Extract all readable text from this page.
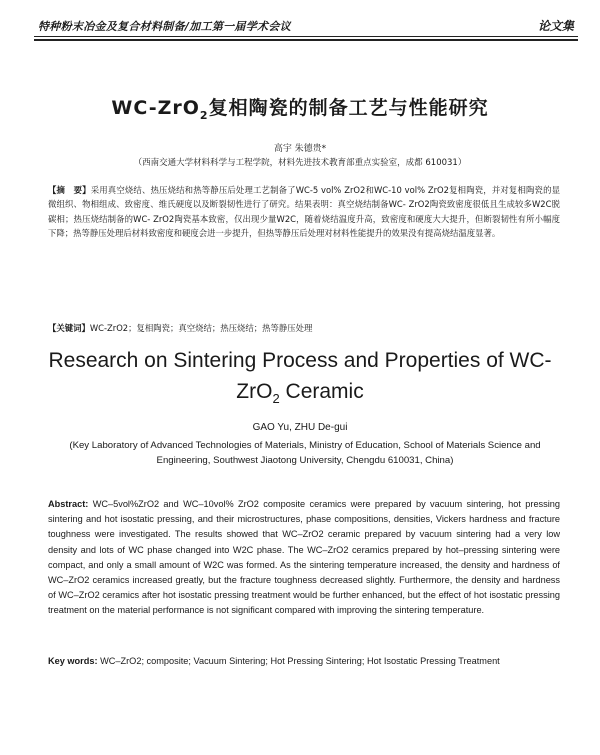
特种粉末冶金及复合材料制备/加工第一届学术会议	论文集
WC-ZrO$_2$复相陶瓷的制备工艺与性能研究
高宇 朱德贵*
（西南交通大学材料科学与工程学院，材料先进技术教育部重点实验室，成都 610031）
【摘　要】采用真空烧结、热压烧结和热等静压后处理工艺制备了WC-5 vol% ZrO2和WC-10 vol% ZrO2复相陶瓷，并对复相陶瓷的显微组织、物相组成、致密度、维氏硬度以及断裂韧性进行了研究。结果表明：真空烧结制备WC- ZrO2陶瓷致密度很低且生成较多W2C脱碳相；热压烧结制备的WC- ZrO2陶瓷基本致密，仅出现少量W2C，随着烧结温度升高，致密度和硬度大大提升，但断裂韧性有所小幅度下降；热等静压处理后材料致密度和硬度会进一步提升，但热等静压后处理对材料性能提升的效果没有提高烧结温度显著。
【关键词】WC-ZrO2；复相陶瓷；真空烧结；热压烧结；热等静压处理
Research on Sintering Process and Properties of WC-
ZrO$_2$ Ceramic
GAO Yu, ZHU De-gui
(Key Laboratory of Advanced Technologies of Materials, Ministry of Education, School of Materials Science and Engineering, Southwest Jiaotong University, Chengdu 610031, China)
Abstract: WC–5vol%ZrO2 and WC–10vol% ZrO2 composite ceramics were prepared by vacuum sintering, hot pressing sintering and hot isostatic pressing, and their microstructures, phase compositions, densities, Vickers hardness and fracture toughness were investigated. The results showed that WC–ZrO2 ceramic prepared by vacuum sintering had a very low density and lots of WC phase changed into W2C phase. The WC–ZrO2 ceramics prepared by hot–pressing sintering were compact, and only a small amount of W2C was formed. As the sintering temperature increased, the density and hardness of WC–ZrO2 ceramics increased greatly, but the fracture toughness decreased slightly. Furthermore, the density and hardness of WC–ZrO2 ceramics after hot isostatic pressing treatment would be further enhanced, but the effect of hot isostatic pressing treatment on the material performance is not significant compared with improving the sintering temperature.
Key words: WC–ZrO2; composite; Vacuum Sintering; Hot Pressing Sintering; Hot Isostatic Pressing Treatment
